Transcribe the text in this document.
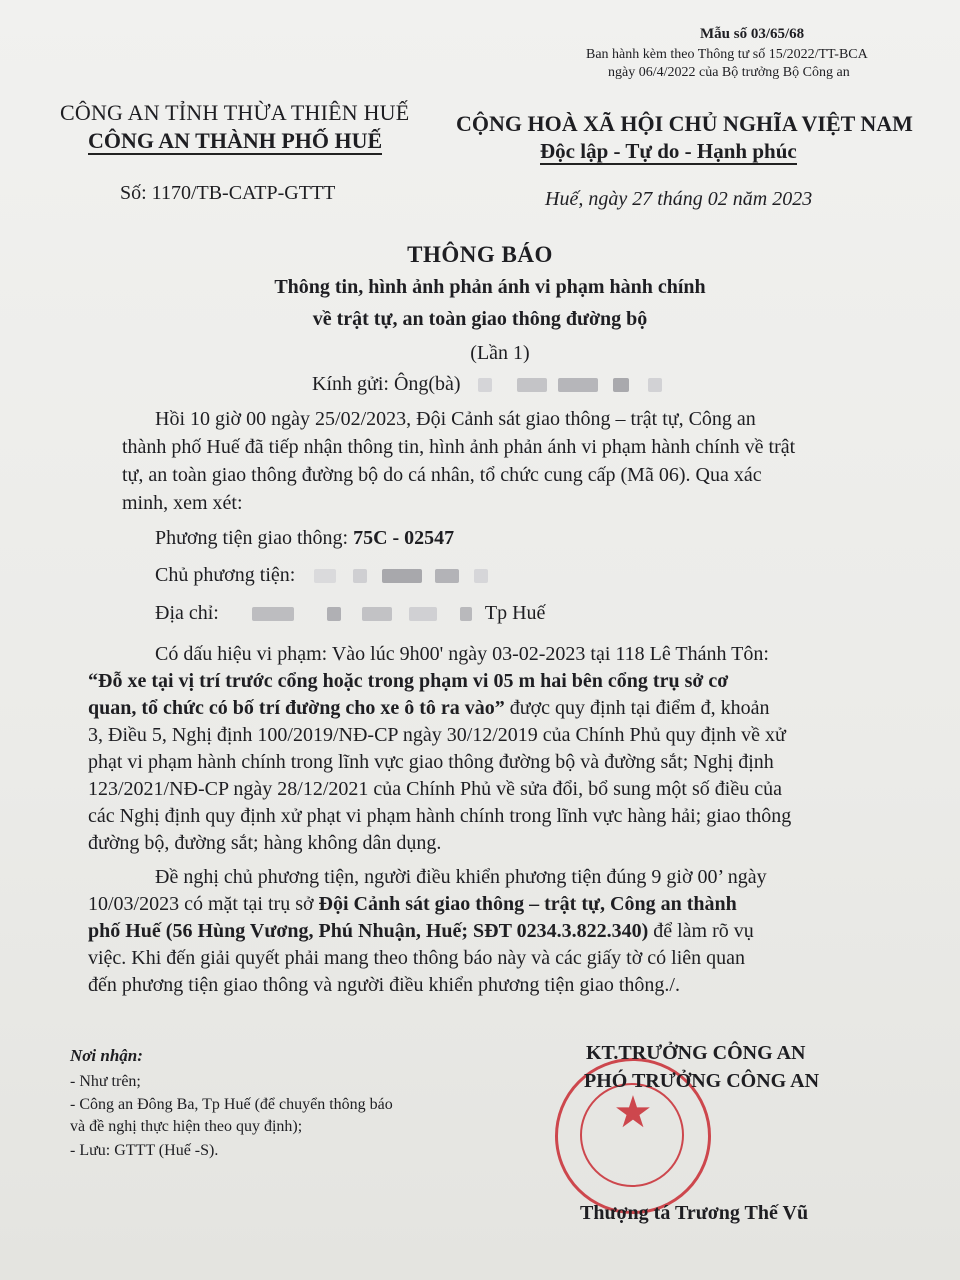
Mẫu số 03/65/68
Ban hành kèm theo Thông tư số 15/2022/TT-BCA
ngày 06/4/2022 của Bộ trưởng Bộ Công an
CÔNG AN TỈNH THỪA THIÊN HUẾ
CÔNG AN THÀNH PHỐ HUẾ
Số: 1170/TB-CATP-GTTT
CỘNG HOÀ XÃ HỘI CHỦ NGHĨA VIỆT NAM
Độc lập - Tự do - Hạnh phúc
Huế, ngày 27 tháng 02 năm 2023
THÔNG BÁO
Thông tin, hình ảnh phản ánh vi phạm hành chính
về trật tự, an toàn giao thông đường bộ
(Lần 1)
Kính gửi: Ông(bà)
Hồi 10 giờ 00 ngày 25/02/2023, Đội Cảnh sát giao thông – trật tự, Công an
thành phố Huế đã tiếp nhận thông tin, hình ảnh phản ánh vi phạm hành chính về trật
tự, an toàn giao thông đường bộ do cá nhân, tổ chức cung cấp (Mã 06). Qua xác
minh, xem xét:
Phương tiện giao thông: 75C - 02547
Chủ phương tiện:
Địa chỉ:	Tp Huế
Có dấu hiệu vi phạm: Vào lúc 9h00' ngày 03-02-2023 tại 118 Lê Thánh Tôn:
“Đỗ xe tại vị trí trước cổng hoặc trong phạm vi 05 m hai bên cổng trụ sở cơ
quan, tổ chức có bố trí đường cho xe ô tô ra vào” được quy định tại điểm đ, khoản
3, Điều 5, Nghị định 100/2019/NĐ-CP ngày 30/12/2019 của Chính Phủ quy định về xử
phạt vi phạm hành chính trong lĩnh vực giao thông đường bộ và đường sắt; Nghị định
123/2021/NĐ-CP ngày 28/12/2021 của Chính Phủ về sửa đổi, bổ sung một số điều của
các Nghị định quy định xử phạt vi phạm hành chính trong lĩnh vực hàng hải; giao thông
đường bộ, đường sắt; hàng không dân dụng.
Đề nghị chủ phương tiện, người điều khiển phương tiện đúng 9 giờ 00’ ngày
10/03/2023 có mặt tại trụ sở Đội Cảnh sát giao thông – trật tự, Công an thành
phố Huế (56 Hùng Vương, Phú Nhuận, Huế; SĐT 0234.3.822.340) để làm rõ vụ
việc. Khi đến giải quyết phải mang theo thông báo này và các giấy tờ có liên quan
đến phương tiện giao thông và người điều khiển phương tiện giao thông./.
Nơi nhận:
- Như trên;
- Công an Đông Ba, Tp Huế (để chuyển thông báo
và đề nghị thực hiện theo quy định);
- Lưu: GTTT (Huế -S).
★
KT.TRƯỞNG CÔNG AN
PHÓ TRƯỞNG CÔNG AN
Thượng tá Trương Thế Vũ
